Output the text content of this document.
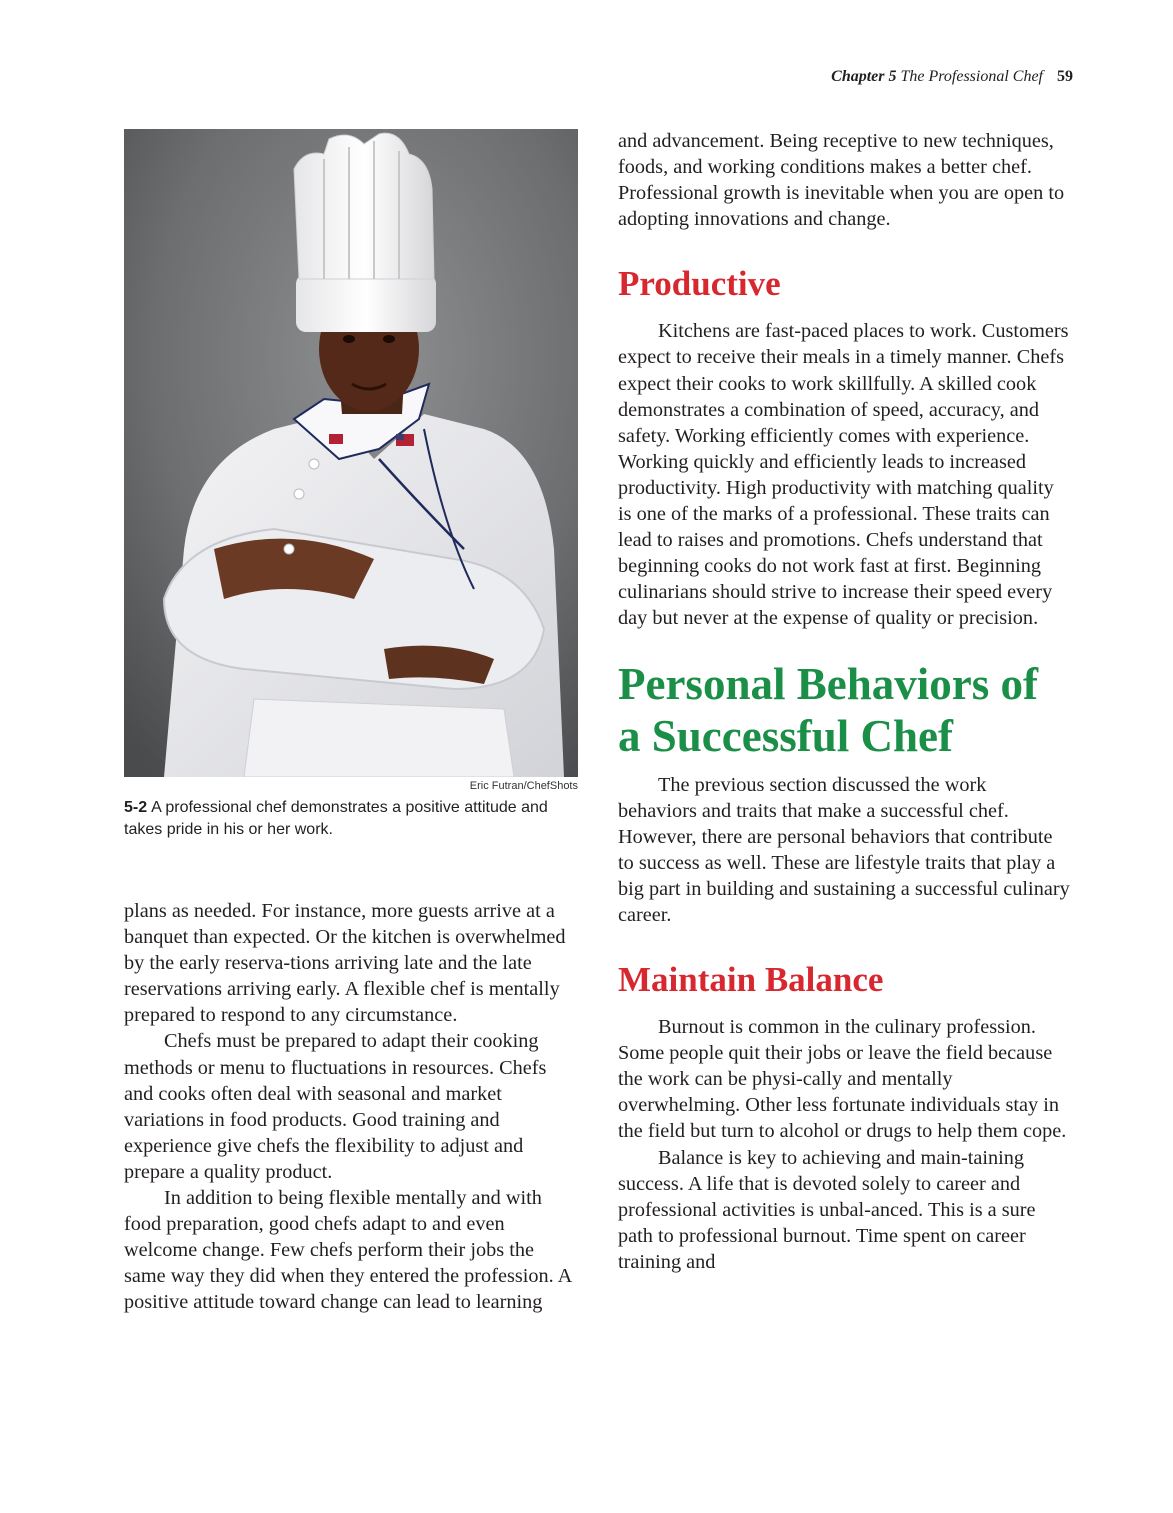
Chapter 5 The Professional Chef 59
Eric Futran/ChefShots
5-2 A professional chef demonstrates a positive attitude and takes pride in his or her work.

plans as needed. For instance, more guests arrive at a banquet than expected. Or the kitchen is overwhelmed by the early reserva-tions arriving late and the late reservations arriving early. A flexible chef is mentally prepared to respond to any circumstance.

Chefs must be prepared to adapt their cooking methods or menu to fluctuations in resources. Chefs and cooks often deal with seasonal and market variations in food products. Good training and experience give chefs the flexibility to adjust and prepare a quality product.

In addition to being flexible mentally and with food preparation, good chefs adapt to and even welcome change. Few chefs perform their jobs the same way they did when they entered the profession. A positive attitude toward change can lead to learning

and advancement. Being receptive to new techniques, foods, and working conditions makes a better chef. Professional growth is inevitable when you are open to adopting innovations and change.

Productive

Kitchens are fast-paced places to work. Customers expect to receive their meals in a timely manner. Chefs expect their cooks to work skillfully. A skilled cook demonstrates a combination of speed, accuracy, and safety. Working efficiently comes with experience. Working quickly and efficiently leads to increased productivity. High productivity with matching quality is one of the marks of a professional. These traits can lead to raises and promotions. Chefs understand that beginning cooks do not work fast at first. Beginning culinarians should strive to increase their speed every day but never at the expense of quality or precision.

Personal Behaviors of a Successful Chef

The previous section discussed the work behaviors and traits that make a successful chef. However, there are personal behaviors that contribute to success as well. These are lifestyle traits that play a big part in building and sustaining a successful culinary career.

Maintain Balance

Burnout is common in the culinary profession. Some people quit their jobs or leave the field because the work can be physi-cally and mentally overwhelming. Other less fortunate individuals stay in the field but turn to alcohol or drugs to help them cope.

Balance is key to achieving and main-taining success. A life that is devoted solely to career and professional activities is unbal-anced. This is a sure path to professional burnout. Time spent on career training and
